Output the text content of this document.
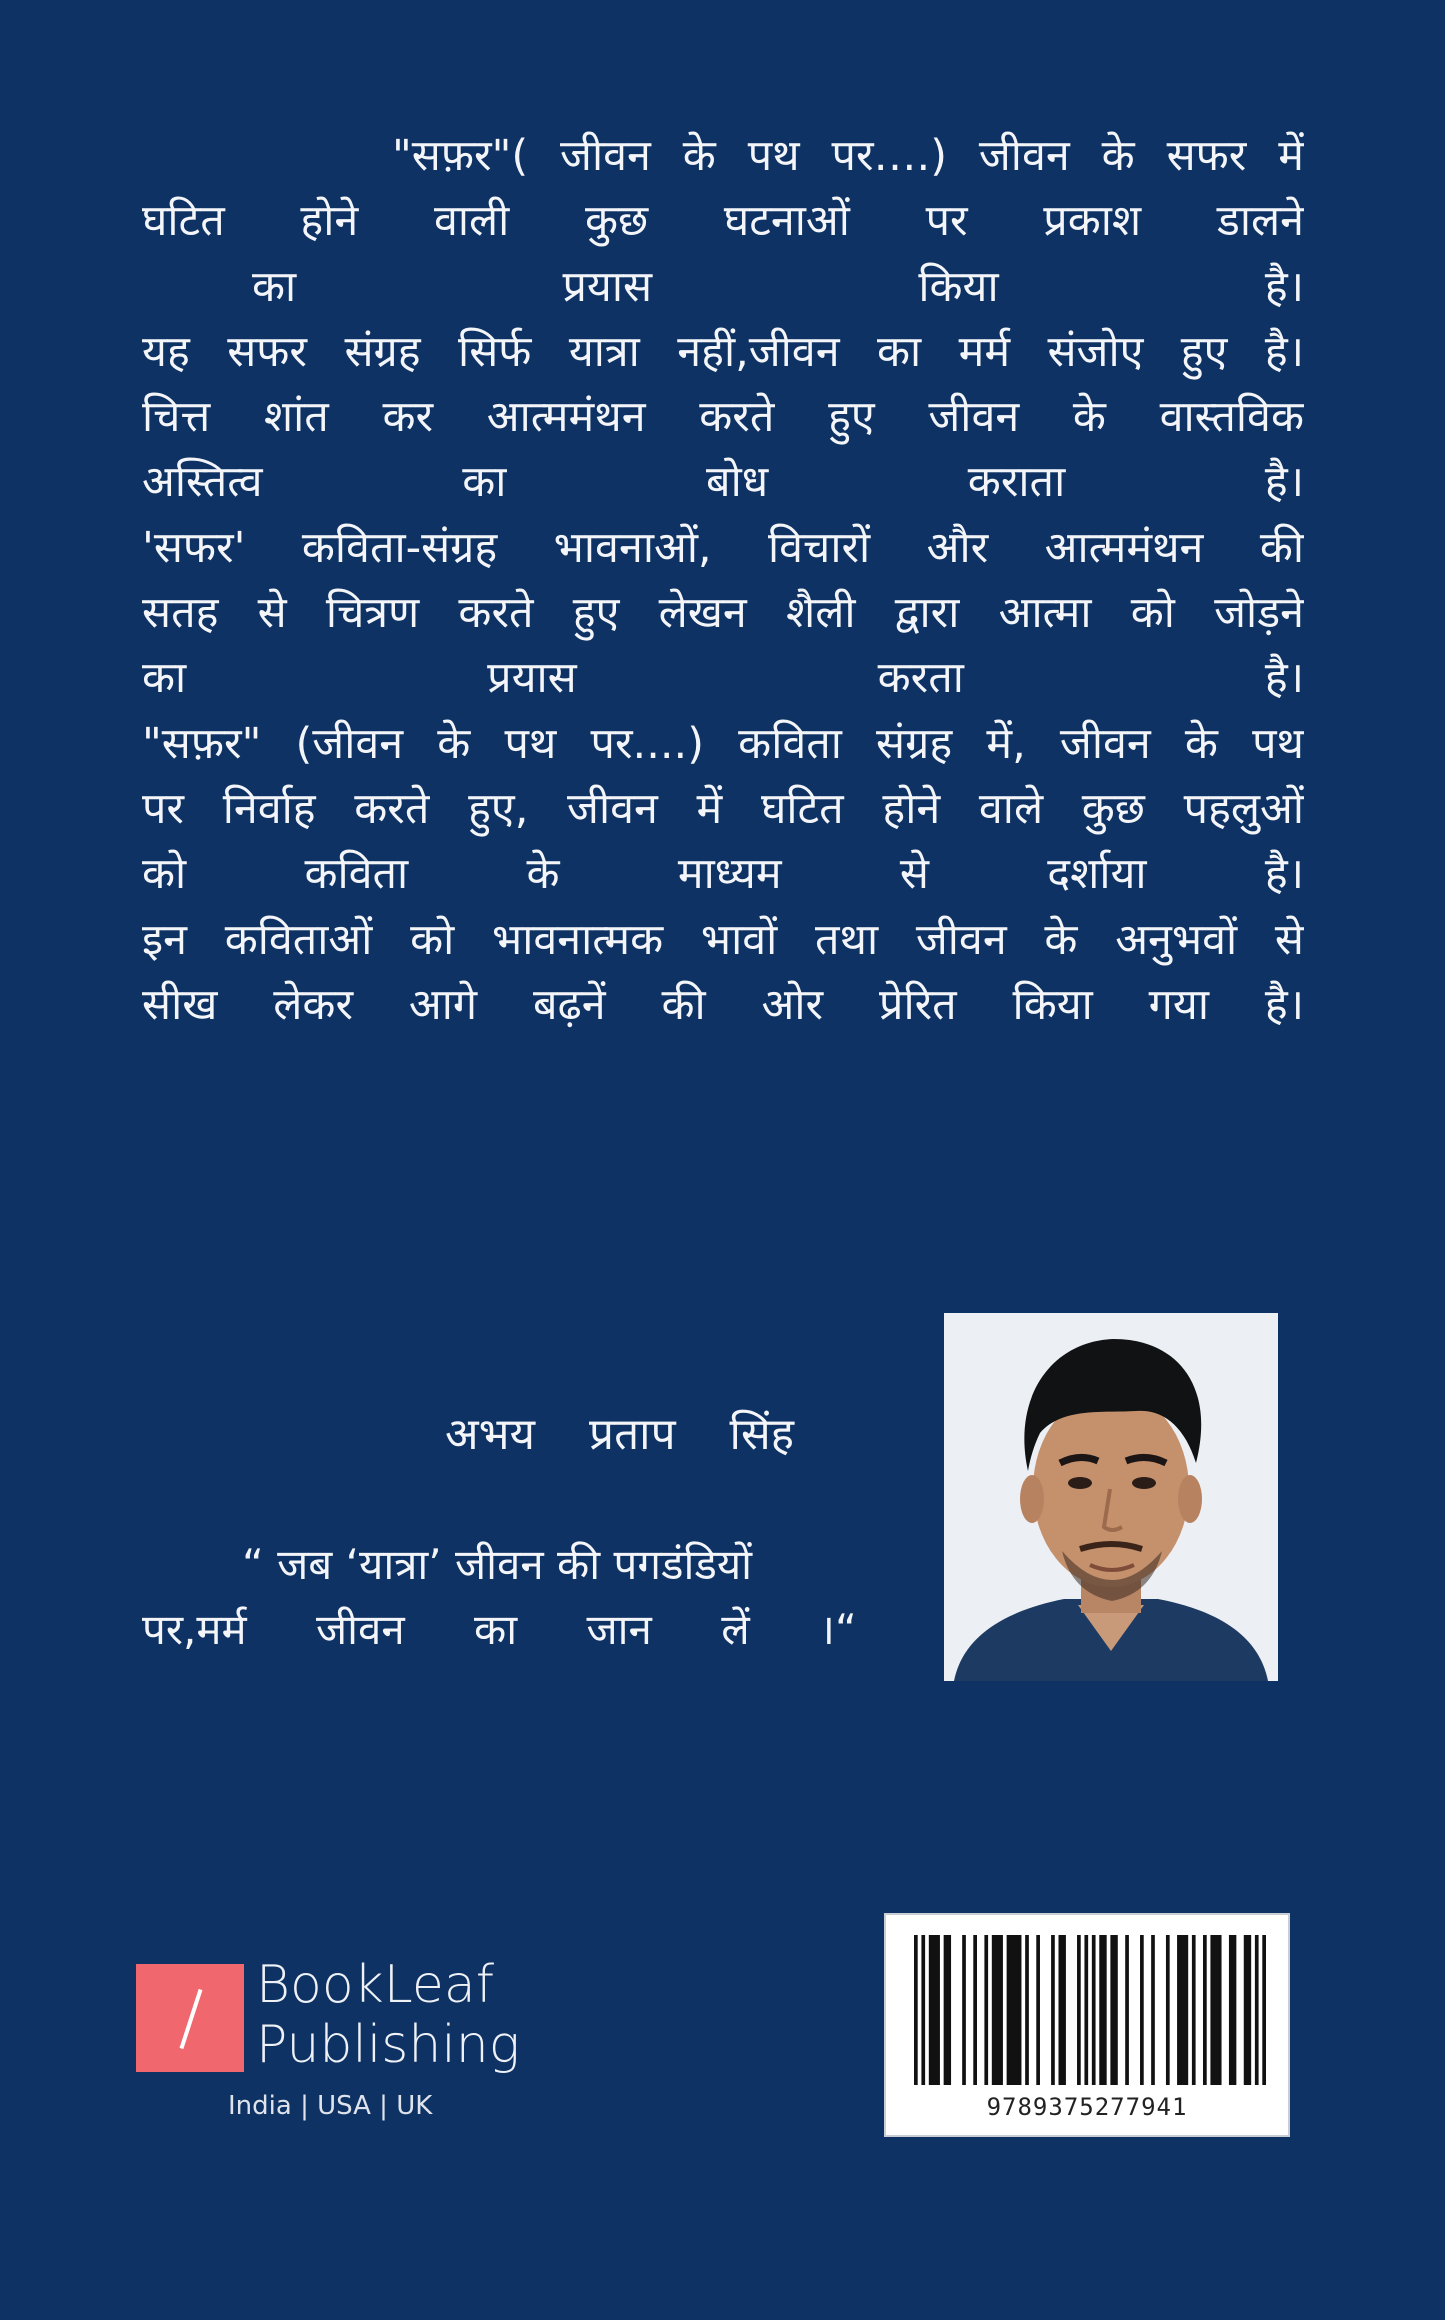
"सफ़र"( जीवन के पथ पर….) जीवन के सफर में
घटित होने वाली कुछ घटनाओं पर प्रकाश डालने
का प्रयास किया है।
यह सफर संग्रह सिर्फ यात्रा नहीं,जीवन का मर्म संजोए हुए है।
चित्त शांत कर आत्ममंथन करते हुए जीवन के वास्तविक
अस्तित्व का बोध कराता है।
'सफर' कविता-संग्रह भावनाओं, विचारों और आत्ममंथन की
सतह से चित्रण करते हुए लेखन शैली द्वारा आत्मा को जोड़ने
का प्रयास करता है।
"सफ़र" (जीवन के पथ पर....) कविता संग्रह में, जीवन के पथ
पर निर्वाह करते हुए, जीवन में घटित होने वाले कुछ पहलुओं
को कविता के माध्यम से दर्शाया है।
इन कविताओं को भावनात्मक भावों तथा जीवन के अनुभवों से
सीख लेकर आगे बढ़नें की ओर प्रेरित किया गया है।
अभय प्रताप सिंह
“ जब ‘यात्रा’ जीवन की पगडंडियों
पर,मर्म जीवन का जान लें ।“
BookLeaf
Publishing
India | USA | UK	9789375277941
